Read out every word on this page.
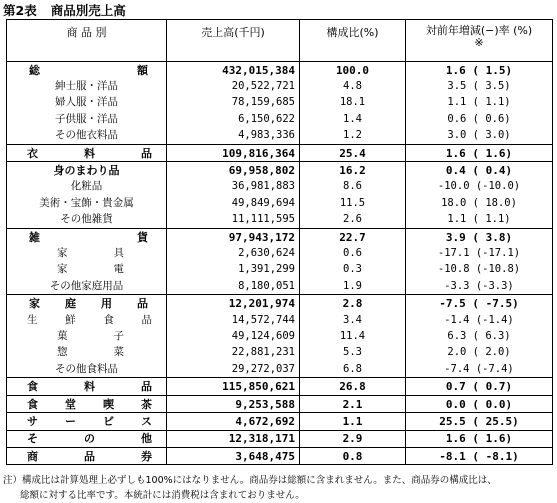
第2表 商品別売上高
商 品 別	売上高(千円)	構成比(%)	対前年増減(−)率 (%)
※

総　　　額	432,015,384	100.0	1.6 ( 1.5)
紳士服・洋品	20,522,721	4.8	3.5 ( 3.5)
婦人服・洋品	78,159,685	18.1	1.1 ( 1.1)
子供服・洋品	6,150,622	1.4	0.6 ( 0.6)
その他衣料品	4,983,336	1.2	3.0 ( 3.0)
衣　料　品	109,816,364	25.4	1.6 ( 1.6)
身のまわり品	69,958,802	16.2	0.4 ( 0.4)
化粧品	36,981,883	8.6	-10.0 (-10.0)
美術・宝飾・貴金属	49,849,694	11.5	18.0 ( 18.0)
その他雑貨	11,111,595	2.6	1.1 ( 1.1)
雑　　　貨	97,943,172	22.7	3.9 ( 3.8)
家　　具	2,630,624	0.6	-17.1 (-17.1)
家　　電	1,391,299	0.3	-10.8 (-10.8)
その他家庭用品	8,180,051	1.9	-3.3 (-3.3)
家　庭　用　品	12,201,974	2.8	-7.5 ( -7.5)
生　鮮　食　品	14,572,744	3.4	-1.4 (-1.4)
菓　　子	49,124,609	11.4	6.3 ( 6.3)
惣　　菜	22,881,231	5.3	2.0 ( 2.0)
その他食料品	29,272,037	6.8	-7.4 (-7.4)
食　料　品	115,850,621	26.8	0.7 ( 0.7)
食　堂　喫　茶	9,253,588	2.1	0.0 ( 0.0)
サ　ー　ビ　ス	4,672,692	1.1	25.5 ( 25.5)
そ　の　他	12,318,171	2.9	1.6 ( 1.6)
商　品　券	3,648,475	0.8	-8.1 ( -8.1)
注）構成比は計算処理上必ずしも100%にはなりません。商品券は総額に含まれません。また、商品券の構成比は、
総額に対する比率です。本統計には消費税は含まれておりません。
